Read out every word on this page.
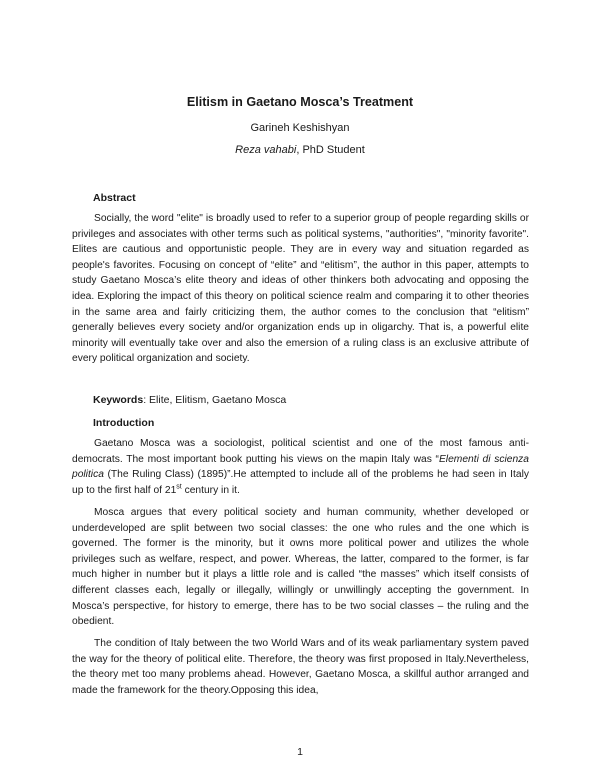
Elitism in Gaetano Mosca’s Treatment
Garineh Keshishyan
Reza vahabi, PhD Student
Abstract

Socially, the word "elite" is broadly used to refer to a superior group of people regarding skills or privileges and associates with other terms such as political systems, "authorities", "minority favorite". Elites are cautious and opportunistic people. They are in every way and situation regarded as people's favorites. Focusing on concept of “elite” and “elitism”, the author in this paper, attempts to study Gaetano Mosca’s elite theory and ideas of other thinkers both advocating and opposing the idea. Exploring the impact of this theory on political science realm and comparing it to other theories in the same area and fairly criticizing them, the author comes to the conclusion that “elitism” generally believes every society and/or organization ends up in oligarchy. That is, a powerful elite minority will eventually take over and also the emersion of a ruling class is an exclusive attribute of every political organization and society.

Keywords: Elite, Elitism, Gaetano Mosca
Introduction

Gaetano Mosca was a sociologist, political scientist and one of the most famous anti-democrats. The most important book putting his views on the mapin Italy was “Elementi di scienza politica (The Ruling Class) (1895)”.He attempted to include all of the problems he had seen in Italy up to the first half of 21st century in it.

Mosca argues that every political society and human community, whether developed or underdeveloped are split between two social classes: the one who rules and the one which is governed. The former is the minority, but it owns more political power and utilizes the whole privileges such as welfare, respect, and power. Whereas, the latter, compared to the former, is far much higher in number but it plays a little role and is called “the masses” which itself consists of different classes each, legally or illegally, willingly or unwillingly accepting the government. In Mosca’s perspective, for history to emerge, there has to be two social classes – the ruling and the obedient.

The condition of Italy between the two World Wars and of its weak parliamentary system paved the way for the theory of political elite. Therefore, the theory was first proposed in Italy.Nevertheless, the theory met too many problems ahead. However, Gaetano Mosca, a skillful author arranged and made the framework for the theory.Opposing this idea,

1
